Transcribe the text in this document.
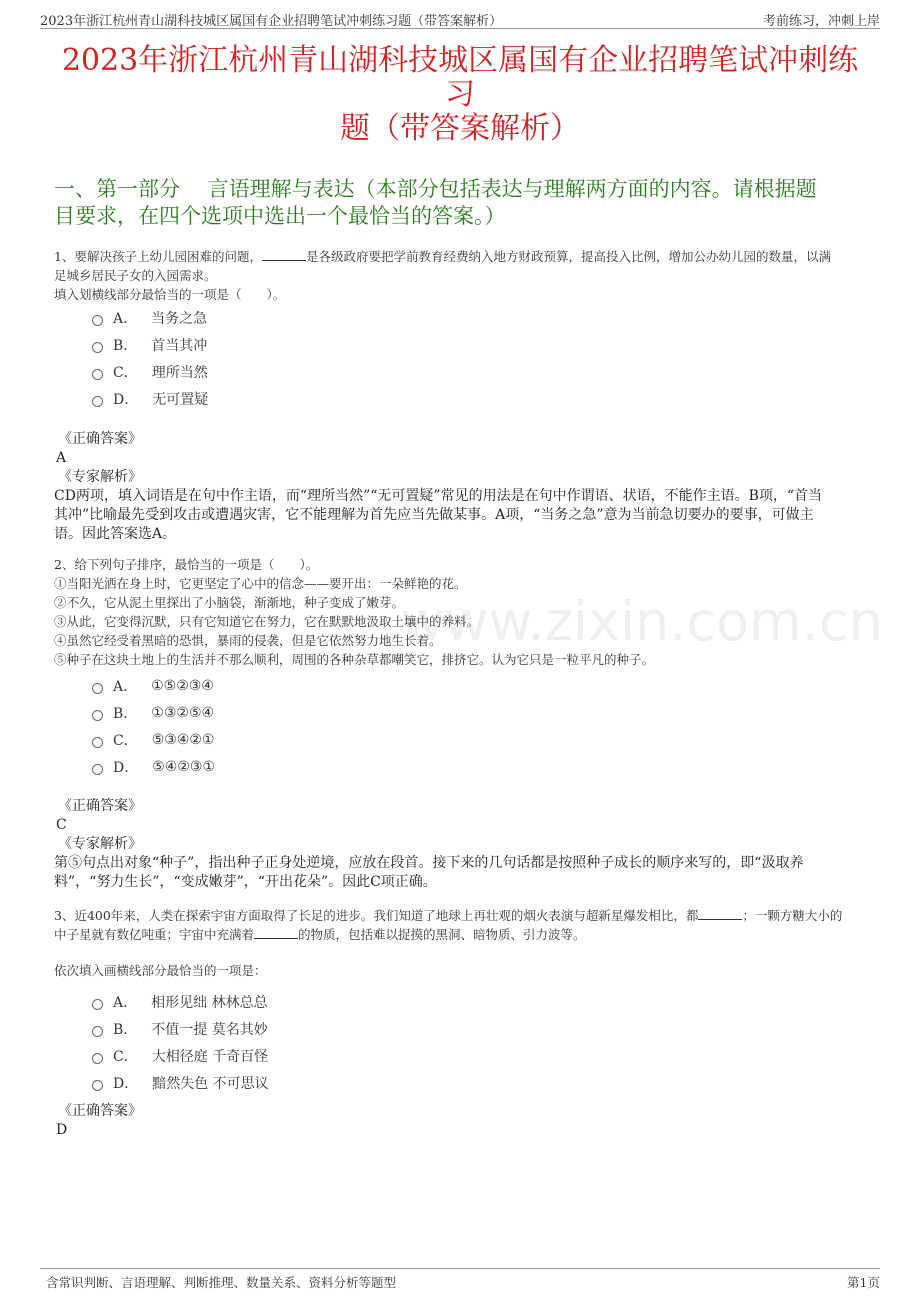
2023年浙江杭州青山湖科技城区属国有企业招聘笔试冲刺练习题（带答案解析）	考前练习，冲刺上岸
2023年浙江杭州青山湖科技城区属国有企业招聘笔试冲刺练习
题（带答案解析）
一、第一部分　 言语理解与表达（本部分包括表达与理解两方面的内容。请根据题
目要求，在四个选项中选出一个最恰当的答案。）
www.zixin.com.cn

1、要解决孩子上幼儿园困难的问题，	是各级政府要把学前教育经费纳入地方财政预算，提高投入比例，增加公办幼儿园的数量，以满

足城乡居民子女的入园需求。

填入划横线部分最恰当的一项是（　　）。

A． 当务之急
B． 首当其冲
C． 理所当然
D． 无可置疑

《正确答案》

A

《专家解析》

CD两项，填入词语是在句中作主语，而“理所当然”“无可置疑”常见的用法是在句中作谓语、状语，不能作主语。B项，“首当

其冲”比喻最先受到攻击或遭遇灾害，它不能理解为首先应当先做某事。A项，“当务之急”意为当前急切要办的要事，可做主

语。因此答案选A。

2、给下列句子排序，最恰当的一项是（　　）。

①当阳光洒在身上时，它更坚定了心中的信念——要开出：一朵鲜艳的花。

②不久，它从泥土里探出了小脑袋，渐渐地，种子变成了嫩芽。

③从此，它变得沉默，只有它知道它在努力，它在默默地汲取土壤中的养料。

④虽然它经受着黑暗的恐惧，暴雨的侵袭，但是它依然努力地生长着。

⑤种子在这块土地上的生活并不那么顺利，周围的各种杂草都嘲笑它，排挤它。认为它只是一粒平凡的种子。

A． ①⑤②③④
B． ①③②⑤④
C． ⑤③④②①
D． ⑤④②③①

《正确答案》

C

《专家解析》

第⑤句点出对象“种子”，指出种子正身处逆境，应放在段首。接下来的几句话都是按照种子成长的顺序来写的，即“汲取养

料”，“努力生长”，“变成嫩芽”，“开出花朵”。因此C项正确。

3、近400年来，人类在探索宇宙方面取得了长足的进步。我们知道了地球上再壮观的烟火表演与超新星爆发相比，都	；一颗方糖大小的

中子星就有数亿吨重；宇宙中充满着	的物质，包括难以捉摸的黑洞、暗物质、引力波等。

依次填入画横线部分最恰当的一项是：

A． 相形见绌 林林总总
B． 不值一提 莫名其妙
C． 大相径庭 千奇百怪
D． 黯然失色 不可思议

《正确答案》

D

含常识判断、言语理解、判断推理、数量关系、资料分析等题型	第1页
